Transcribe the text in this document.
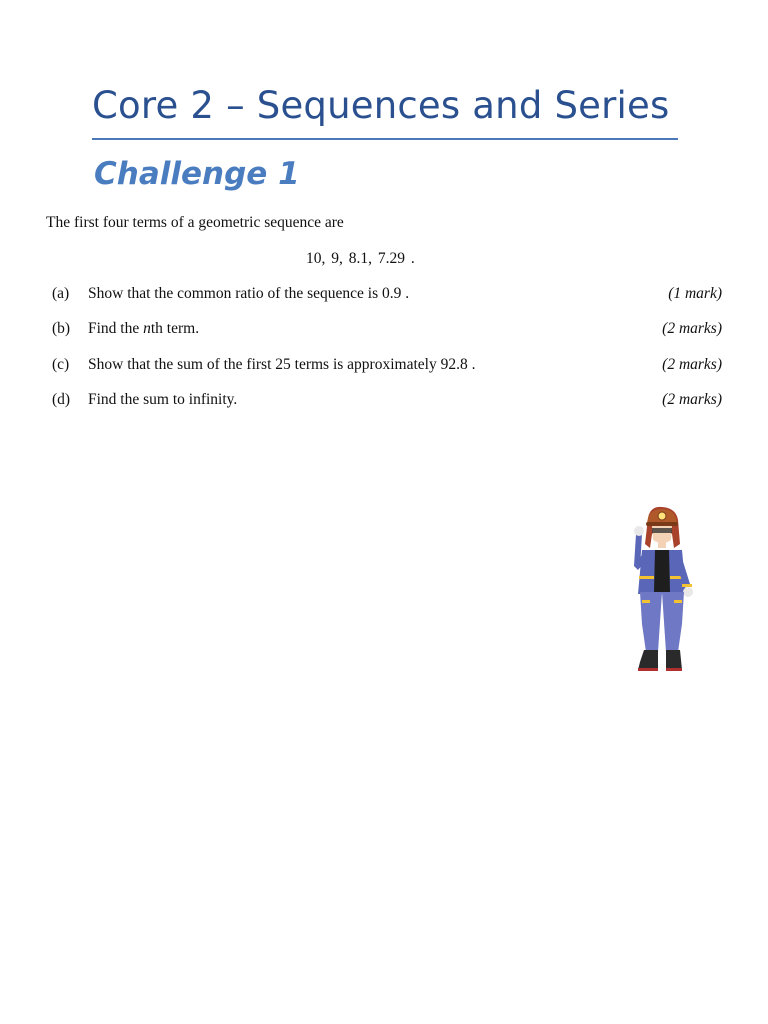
Core 2 – Sequences and Series
Challenge 1
The first four terms of a geometric sequence are
10, 9, 8.1, 7.29 .
(a) Show that the common ratio of the sequence is 0.9 .	(1 mark)
(b) Find the nth term.	(2 marks)
(c) Show that the sum of the first 25 terms is approximately 92.8 .	(2 marks)
(d) Find the sum to infinity.	(2 marks)
